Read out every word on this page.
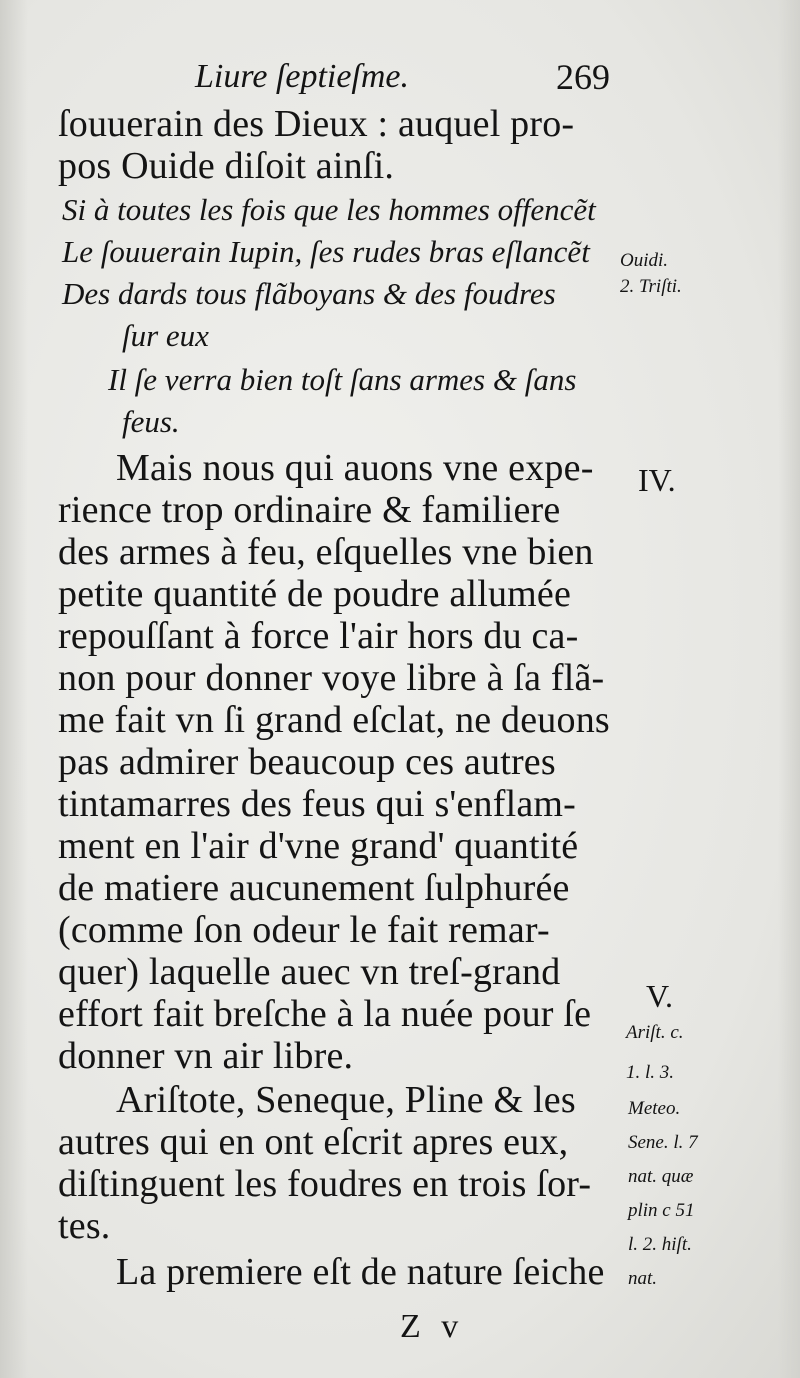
Liure ſeptieſme.	269
ſouuerain des Dieux : auquel pro-
pos Ouide diſoit ainſi.
Si à toutes les fois que les hommes offencẽt
Le ſouuerain Iupin, ſes rudes bras eſlancẽt
Des dards tous flãboyans & des foudres
ſur eux
Il ſe verra bien toſt ſans armes & ſans
feus.
Mais nous qui auons vne expe-
rience trop ordinaire & familiere
des armes à feu, eſquelles vne bien
petite quantité de poudre allumée
repouſſant à force l'air hors du ca-
non pour donner voye libre à ſa flã-
me fait vn ſi grand eſclat, ne deuons
pas admirer beaucoup ces autres
tintamarres des feus qui s'enflam-
ment en l'air d'vne grand' quantité
de matiere aucunement ſulphurée
(comme ſon odeur le fait remar-
quer) laquelle auec vn treſ-grand
effort fait breſche à la nuée pour ſe
donner vn air libre.
Ariſtote, Seneque, Pline & les
autres qui en ont eſcrit apres eux,
diſtinguent les foudres en trois ſor-
tes.
La premiere eſt de nature ſeiche
Ouidi.
2. Triſti.
IV.
V.
Ariſt. c.
1. l. 3.
Meteo.
Sene. l. 7
nat. quæ
plin c 51
l. 2. hiſt.
nat.
Z v
